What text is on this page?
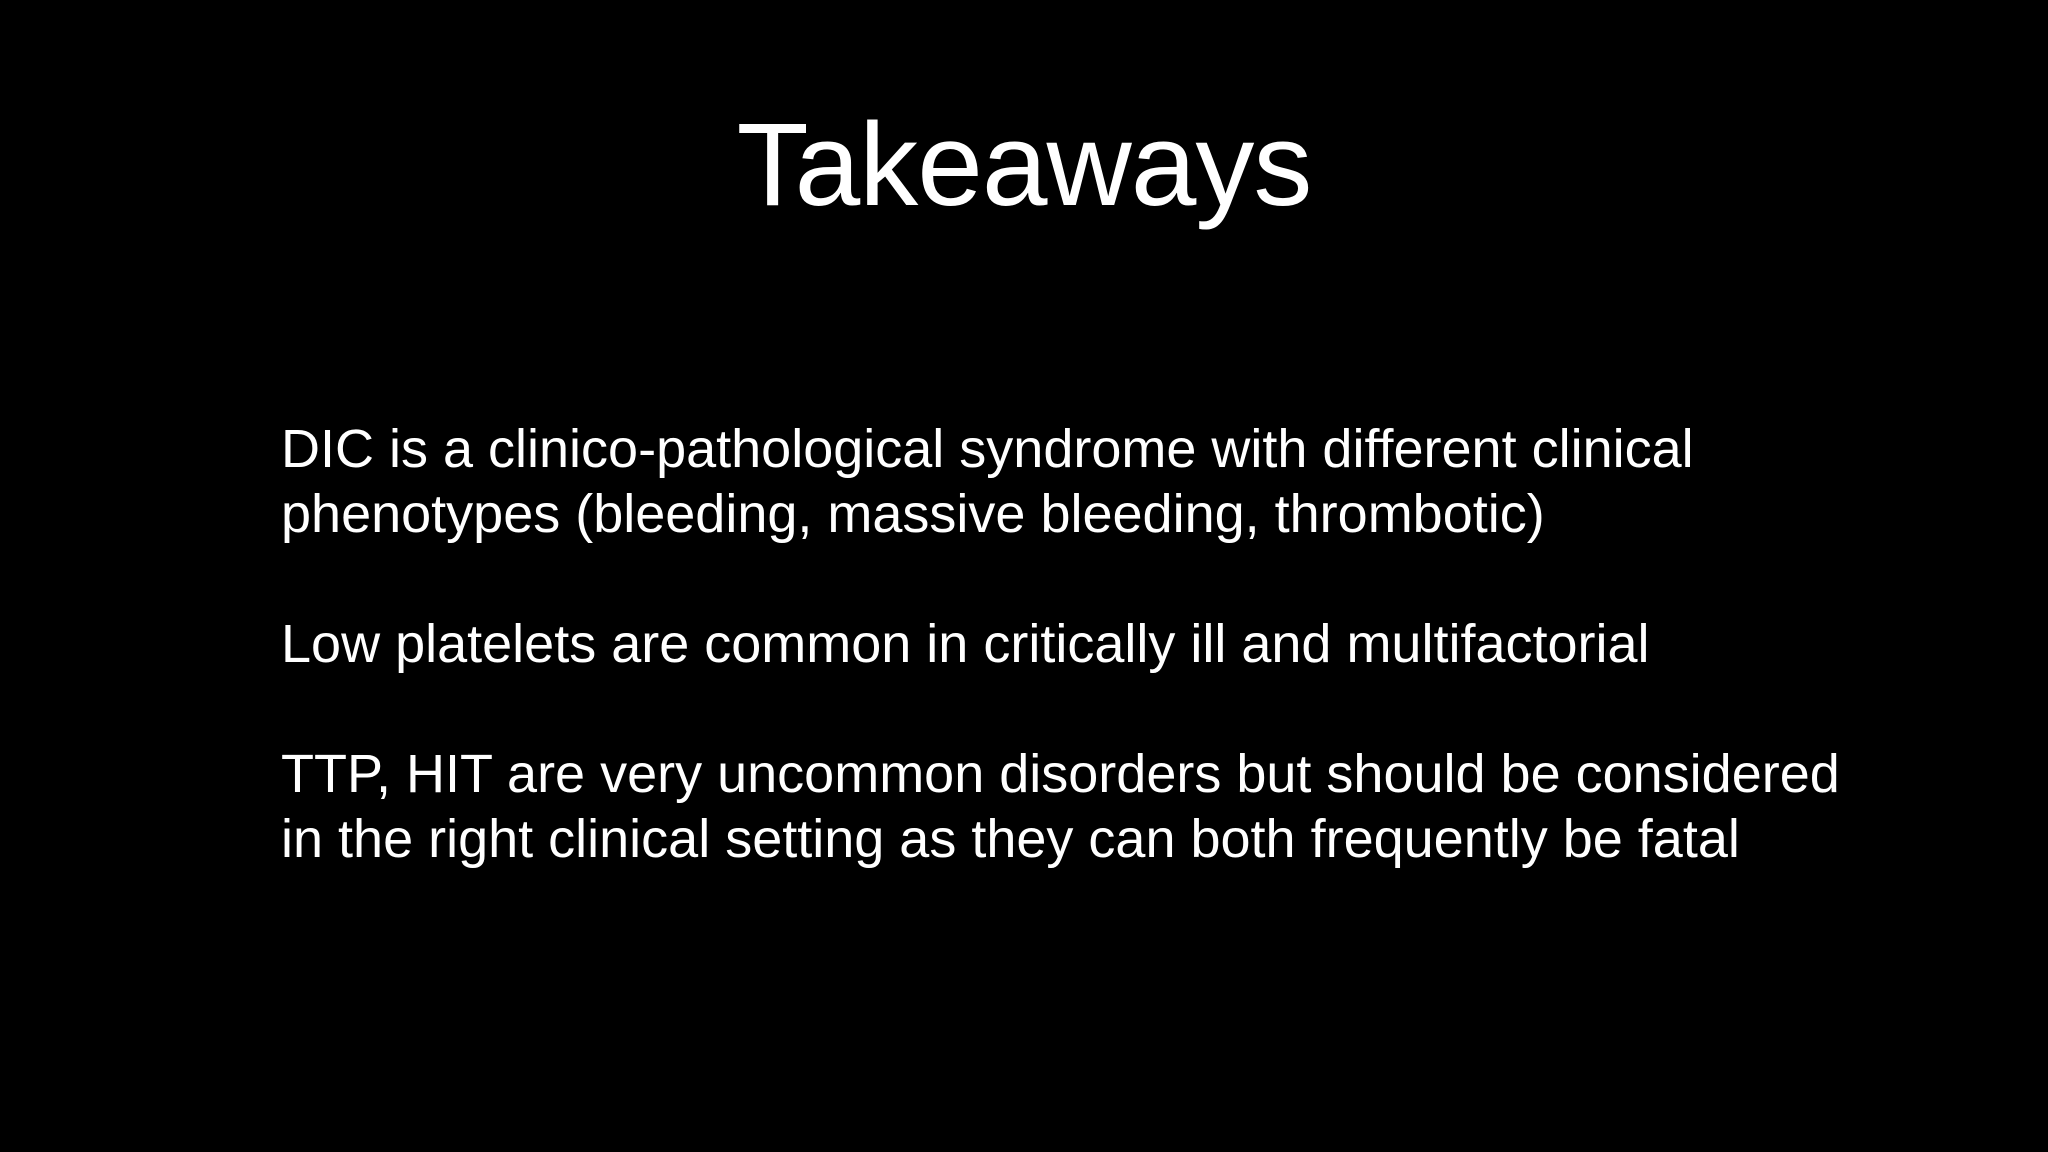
Takeaways

DIC is a clinico-pathological syndrome with different clinical phenotypes (bleeding, massive bleeding, thrombotic)

Low platelets are common in critically ill and multifactorial

TTP, HIT are very uncommon disorders but should be considered in the right clinical setting as they can both frequently be fatal
